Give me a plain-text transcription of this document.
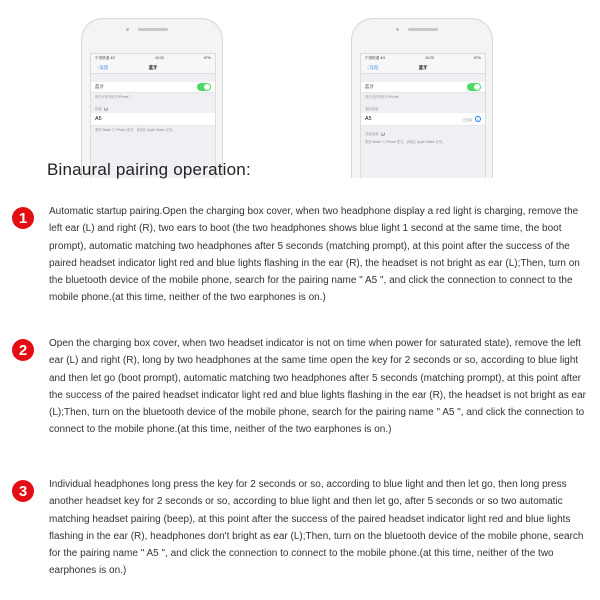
中国联通 4G	10:20	97%
〈设置	蓝牙
蓝牙
现在可被发现为“iPhone”。
设备
A5
要将 Watch 与 iPhone 配对，请前往 Apple Watch 应用。
中国联通 4G	10:20	97%
〈设置	蓝牙
蓝牙
现在可被发现为“iPhone”。
我的设备
A5	已连接	i
其他设备
要将 Watch 与 iPhone 配对，请前往 Apple Watch 应用。
Binaural pairing operation:
1	Automatic startup pairing.Open the charging box cover, when two headphone display a red light is charging, remove the left ear (L) and right (R), two ears to boot (the two headphones shows blue light 1 second at the same time, the boot prompt), automatic matching two headphones after 5 seconds (matching prompt), at this point after the success of the paired headset indicator light red and blue lights flashing in the ear (R), the headset is not bright as ear (L);Then, turn on the bluetooth device of the mobile phone, search for the pairing name " A5 ", and click the connection to connect to the mobile phone.(at this time, neither of the two earphones is on.)
2	Open the charging box cover, when two headset indicator is not on time when power for saturated state), remove the left ear (L) and right (R), long by two headphones at the same time open the key for 2 seconds or so, according to blue light and then let go (boot prompt), automatic matching two headphones after 5 seconds (matching prompt), at this point after the success of the paired headset indicator light red and blue lights flashing in the ear (R), the headset is not bright as ear (L);Then, turn on the bluetooth device of the mobile phone, search for the pairing name " A5 ", and click the connection to connect to the mobile phone.(at this time, neither of the two earphones is on.)
3	Individual headphones long press the key for 2 seconds or so, according to blue light and then let go, then long press another headset key for 2 seconds or so, according to blue light and then let go, after 5 seconds or so two automatic matching headset pairing (beep), at this point after the success of the paired headset indicator light red and blue lights flashing in the ear (R), headphones don't bright as ear (L);Then, turn on the bluetooth device of the mobile phone, search for the pairing name " A5 ", and click the connection to connect to the mobile phone.(at this time, neither of the two earphones is on.)
